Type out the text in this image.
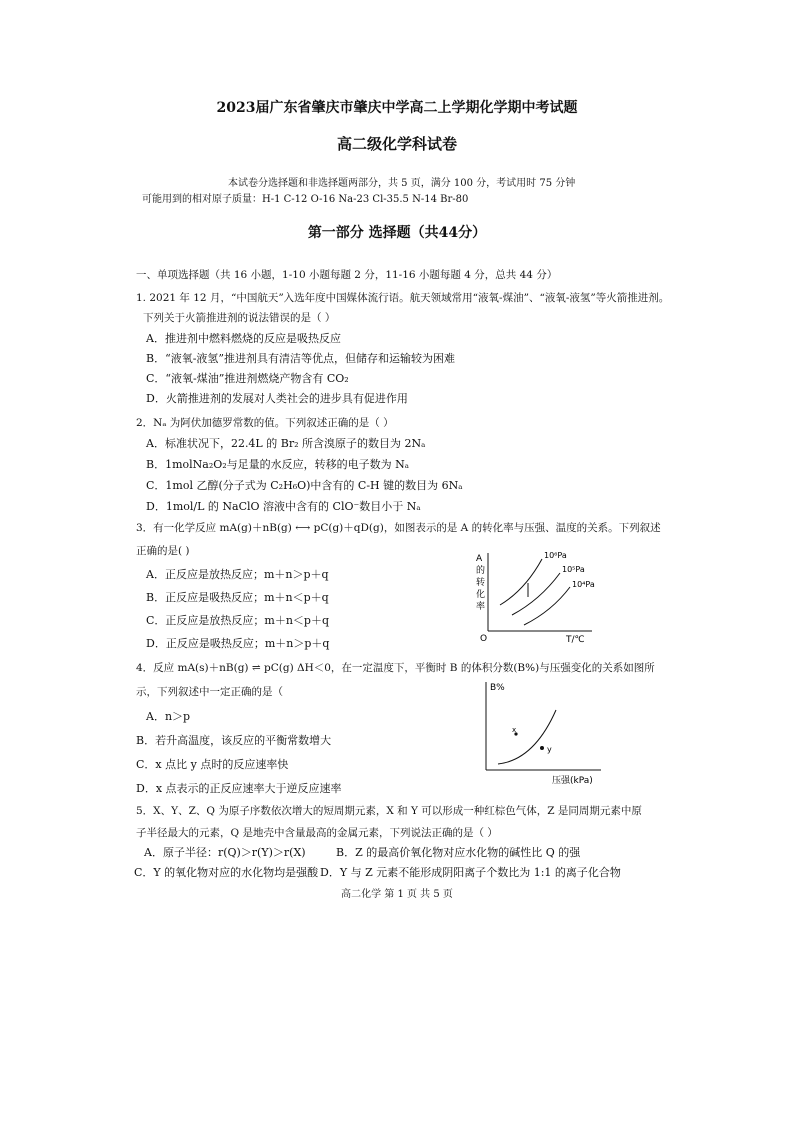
2023届广东省肇庆市肇庆中学高二上学期化学期中考试题
高二级化学科试卷
本试卷分选择题和非选择题两部分，共 5 页，满分 100 分，考试用时 75 分钟
可能用到的相对原子质量：H-1 C-12 O-16 Na-23 Cl-35.5 N-14 Br-80
第一部分 选择题（共44分）
一、单项选择题（共 16 小题，1-10 小题每题 2 分，11-16 小题每题 4 分，总共 44 分）
1. 2021 年 12 月，“中国航天”入选年度中国媒体流行语。航天领域常用“液氧-煤油”、“液氧-液氢”等火箭推进剂。
下列关于火箭推进剂的说法错误的是（ ）
A．推进剂中燃料燃烧的反应是吸热反应
B．“液氧-液氢”推进剂具有清洁等优点，但储存和运输较为困难
C．“液氧-煤油”推进剂燃烧产物含有 CO₂
D．火箭推进剂的发展对人类社会的进步具有促进作用
2．Nₐ 为阿伏加德罗常数的值。下列叙述正确的是（ ）
A．标准状况下，22.4L 的 Br₂ 所含溴原子的数目为 2Nₐ
B．1molNa₂O₂与足量的水反应，转移的电子数为 Nₐ
C．1mol 乙醇(分子式为 C₂H₆O)中含有的 C-H 键的数目为 6Nₐ
D．1mol/L 的 NaClO 溶液中含有的 ClO⁻数目小于 Nₐ
3．有一化学反应 mA(g)＋nB(g) ⟷ pC(g)＋qD(g)，如图表示的是 A 的转化率与压强、温度的关系。下列叙述
正确的是( )
A．正反应是放热反应；m＋n＞p＋q
B．正反应是吸热反应；m＋n＜p＋q
C．正反应是放热反应；m＋n＜p＋q
D．正反应是吸热反应；m＋n＞p＋q
A
的
转
化
率
O	T/℃
10⁶Pa
10⁵Pa
10⁴Pa
4．反应 mA(s)＋nB(g) ⇌ pC(g) ΔH＜0，在一定温度下，平衡时 B 的体积分数(B%)与压强变化的关系如图所
示，下列叙述中一定正确的是（
A．n＞p
B．若升高温度，该反应的平衡常数增大
C．x 点比 y 点时的反应速率快
D．x 点表示的正反应速率大于逆反应速率
B%
压强(kPa)
x
y
5．X、Y、Z、Q 为原子序数依次增大的短周期元素，X 和 Y 可以形成一种红棕色气体，Z 是同周期元素中原
子半径最大的元素，Q 是地壳中含量最高的金属元素，下列说法正确的是（ ）
A．原子半径：r(Q)＞r(Y)＞r(X)	B．Z 的最高价氧化物对应水化物的碱性比 Q 的强
C．Y 的氧化物对应的水化物均是强酸 D．Y 与 Z 元素不能形成阴阳离子个数比为 1:1 的离子化合物
高二化学 第 1 页 共 5 页
